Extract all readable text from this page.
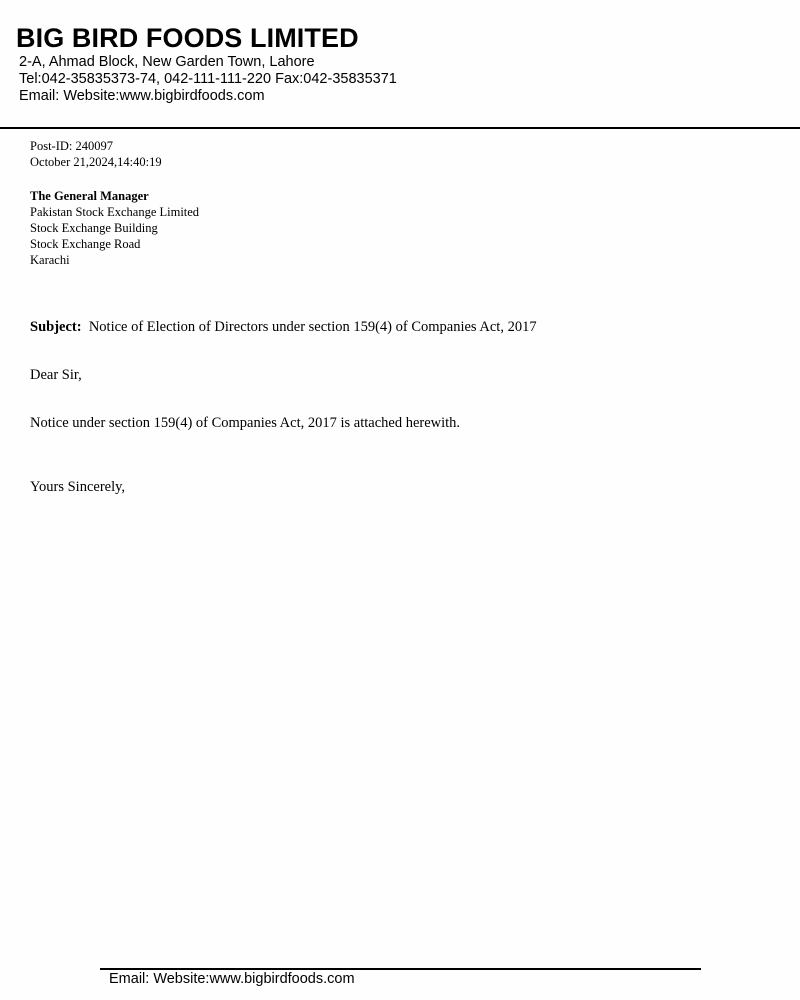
BIG BIRD FOODS LIMITED
2-A, Ahmad Block, New Garden Town, Lahore
Tel:042-35835373-74, 042-111-111-220 Fax:042-35835371
Email: Website:www.bigbirdfoods.com
Post-ID: 240097
October 21,2024,14:40:19
The General Manager
Pakistan Stock Exchange Limited
Stock Exchange Building
Stock Exchange Road
Karachi
Subject: Notice of Election of Directors under section 159(4) of Companies Act, 2017
Dear Sir,
Notice under section 159(4) of Companies Act, 2017 is attached herewith.
Yours Sincerely,
Email: Website:www.bigbirdfoods.com
